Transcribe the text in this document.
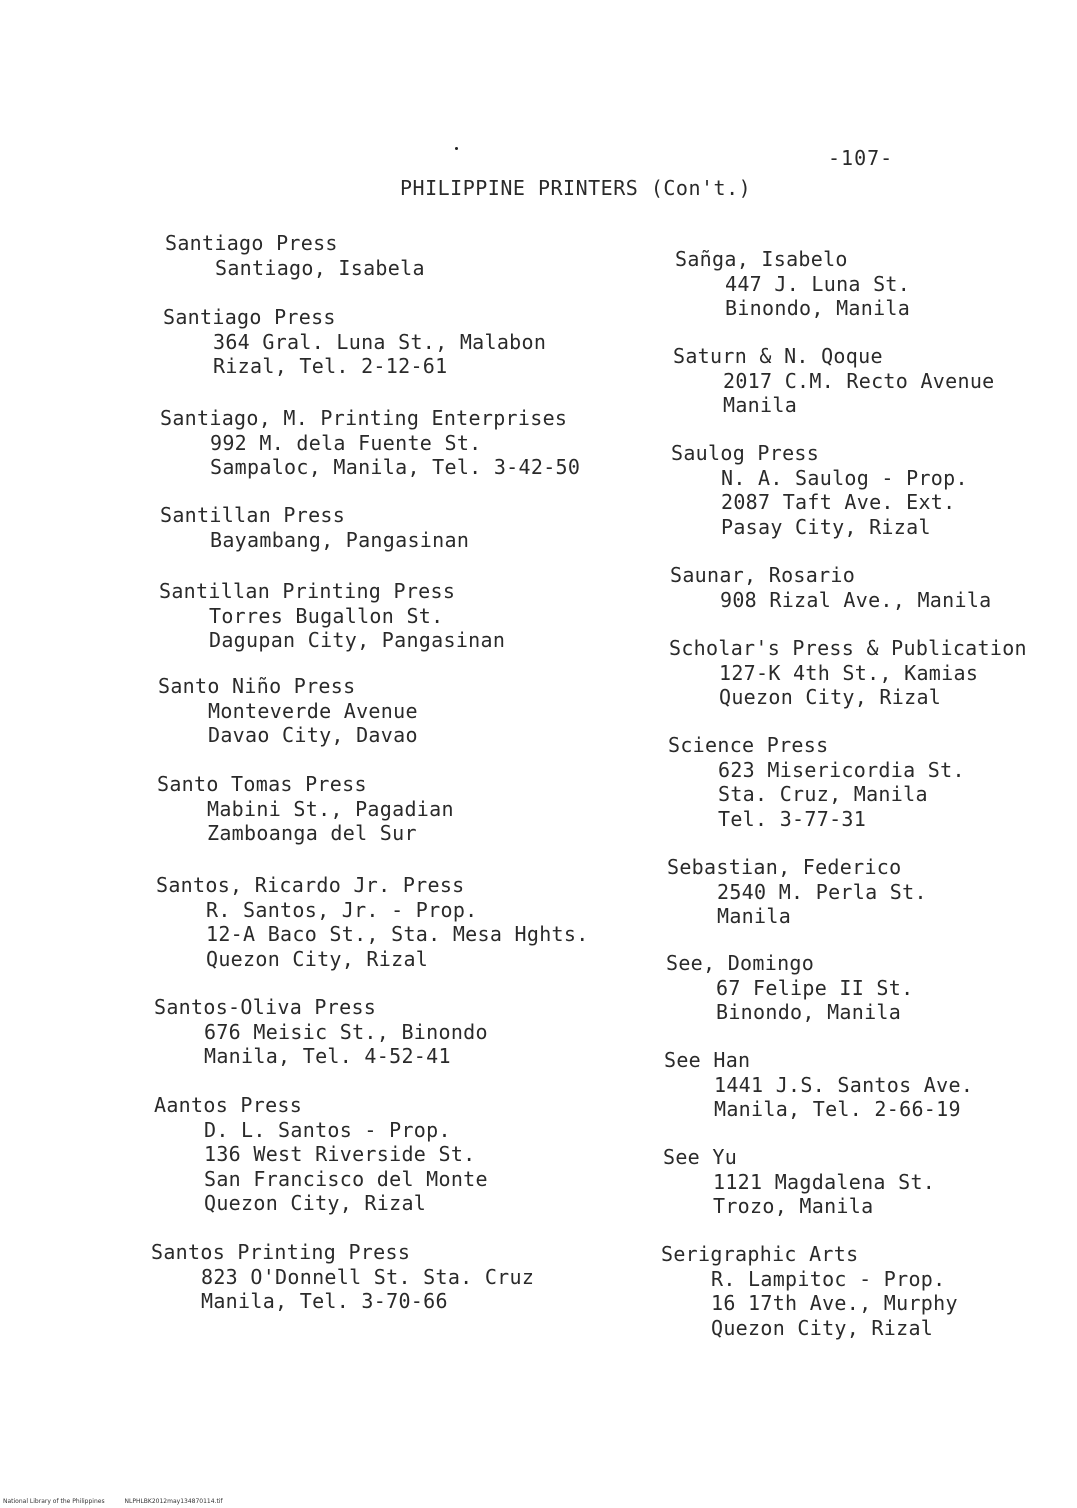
-107-
PHILIPPINE PRINTERS (Con't.)
Santiago Press
Santiago, Isabela
Santiago Press
364 Gral. Luna St., Malabon
Rizal, Tel. 2-12-61
Santiago, M. Printing Enterprises
992 M. dela Fuente St.
Sampaloc, Manila, Tel. 3-42-50
Santillan Press
Bayambang, Pangasinan
Santillan Printing Press
Torres Bugallon St.
Dagupan City, Pangasinan
Santo Niño Press
Monteverde Avenue
Davao City, Davao
Santo Tomas Press
Mabini St., Pagadian
Zamboanga del Sur
Santos, Ricardo Jr. Press
R. Santos, Jr. - Prop.
12-A Baco St., Sta. Mesa Hghts.
Quezon City, Rizal
Santos-Oliva Press
676 Meisic St., Binondo
Manila, Tel. 4-52-41
Aantos Press
D. L. Santos - Prop.
136 West Riverside St.
San Francisco del Monte
Quezon City, Rizal
Santos Printing Press
823 O'Donnell St. Sta. Cruz
Manila, Tel. 3-70-66
Sañga, Isabelo
447 J. Luna St.
Binondo, Manila
Saturn & N. Qoque
2017 C.M. Recto Avenue
Manila
Saulog Press
N. A. Saulog - Prop.
2087 Taft Ave. Ext.
Pasay City, Rizal
Saunar, Rosario
908 Rizal Ave., Manila
Scholar's Press & Publication
127-K 4th St., Kamias
Quezon City, Rizal
Science Press
623 Misericordia St.
Sta. Cruz, Manila
Tel. 3-77-31
Sebastian, Federico
2540 M. Perla St.
Manila
See, Domingo
67 Felipe II St.
Binondo, Manila
See Han
1441 J.S. Santos Ave.
Manila, Tel. 2-66-19
See Yu
1121 Magdalena St.
Trozo, Manila
Serigraphic Arts
R. Lampitoc - Prop.
16 17th Ave., Murphy
Quezon City, Rizal
National Library of the Philippines	NLPHLBK2012may134870114.tif
